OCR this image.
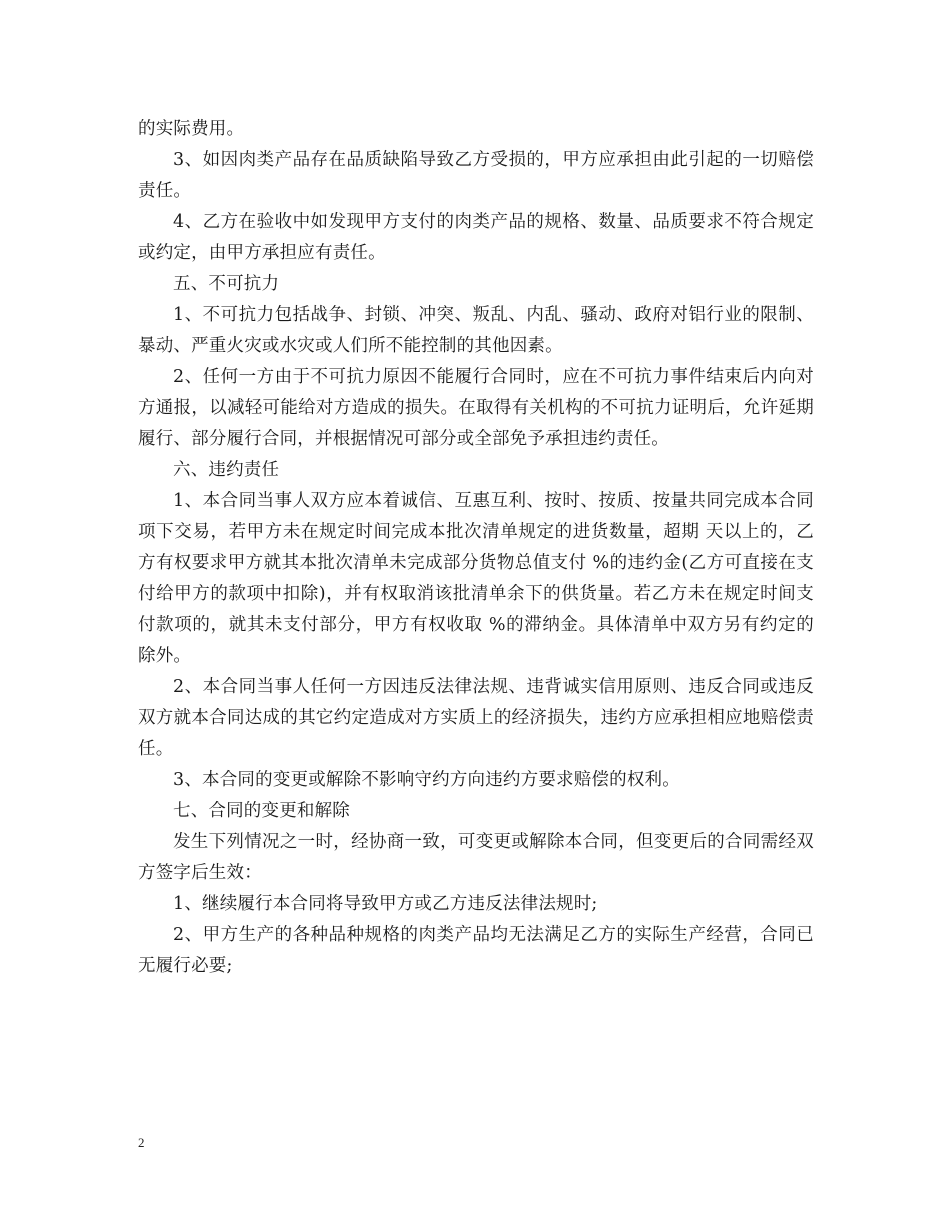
的实际费用。

3、如因肉类产品存在品质缺陷导致乙方受损的，甲方应承担由此引起的一切赔偿责任。

4、乙方在验收中如发现甲方支付的肉类产品的规格、数量、品质要求不符合规定或约定，由甲方承担应有责任。

五、不可抗力

1、不可抗力包括战争、封锁、冲突、叛乱、内乱、骚动、政府对铝行业的限制、暴动、严重火灾或水灾或人们所不能控制的其他因素。

2、任何一方由于不可抗力原因不能履行合同时，应在不可抗力事件结束后内向对方通报，以减轻可能给对方造成的损失。在取得有关机构的不可抗力证明后，允许延期履行、部分履行合同，并根据情况可部分或全部免予承担违约责任。

六、违约责任

1、本合同当事人双方应本着诚信、互惠互利、按时、按质、按量共同完成本合同项下交易，若甲方未在规定时间完成本批次清单规定的进货数量，超期 天以上的，乙方有权要求甲方就其本批次清单未完成部分货物总值支付 %的违约金(乙方可直接在支付给甲方的款项中扣除)，并有权取消该批清单余下的供货量。若乙方未在规定时间支付款项的，就其未支付部分，甲方有权收取 %的滞纳金。具体清单中双方另有约定的除外。

2、本合同当事人任何一方因违反法律法规、违背诚实信用原则、违反合同或违反双方就本合同达成的其它约定造成对方实质上的经济损失，违约方应承担相应地赔偿责任。

3、本合同的变更或解除不影响守约方向违约方要求赔偿的权利。

七、合同的变更和解除

发生下列情况之一时，经协商一致，可变更或解除本合同，但变更后的合同需经双方签字后生效：

1、继续履行本合同将导致甲方或乙方违反法律法规时;

2、甲方生产的各种品种规格的肉类产品均无法满足乙方的实际生产经营，合同已无履行必要;

2
